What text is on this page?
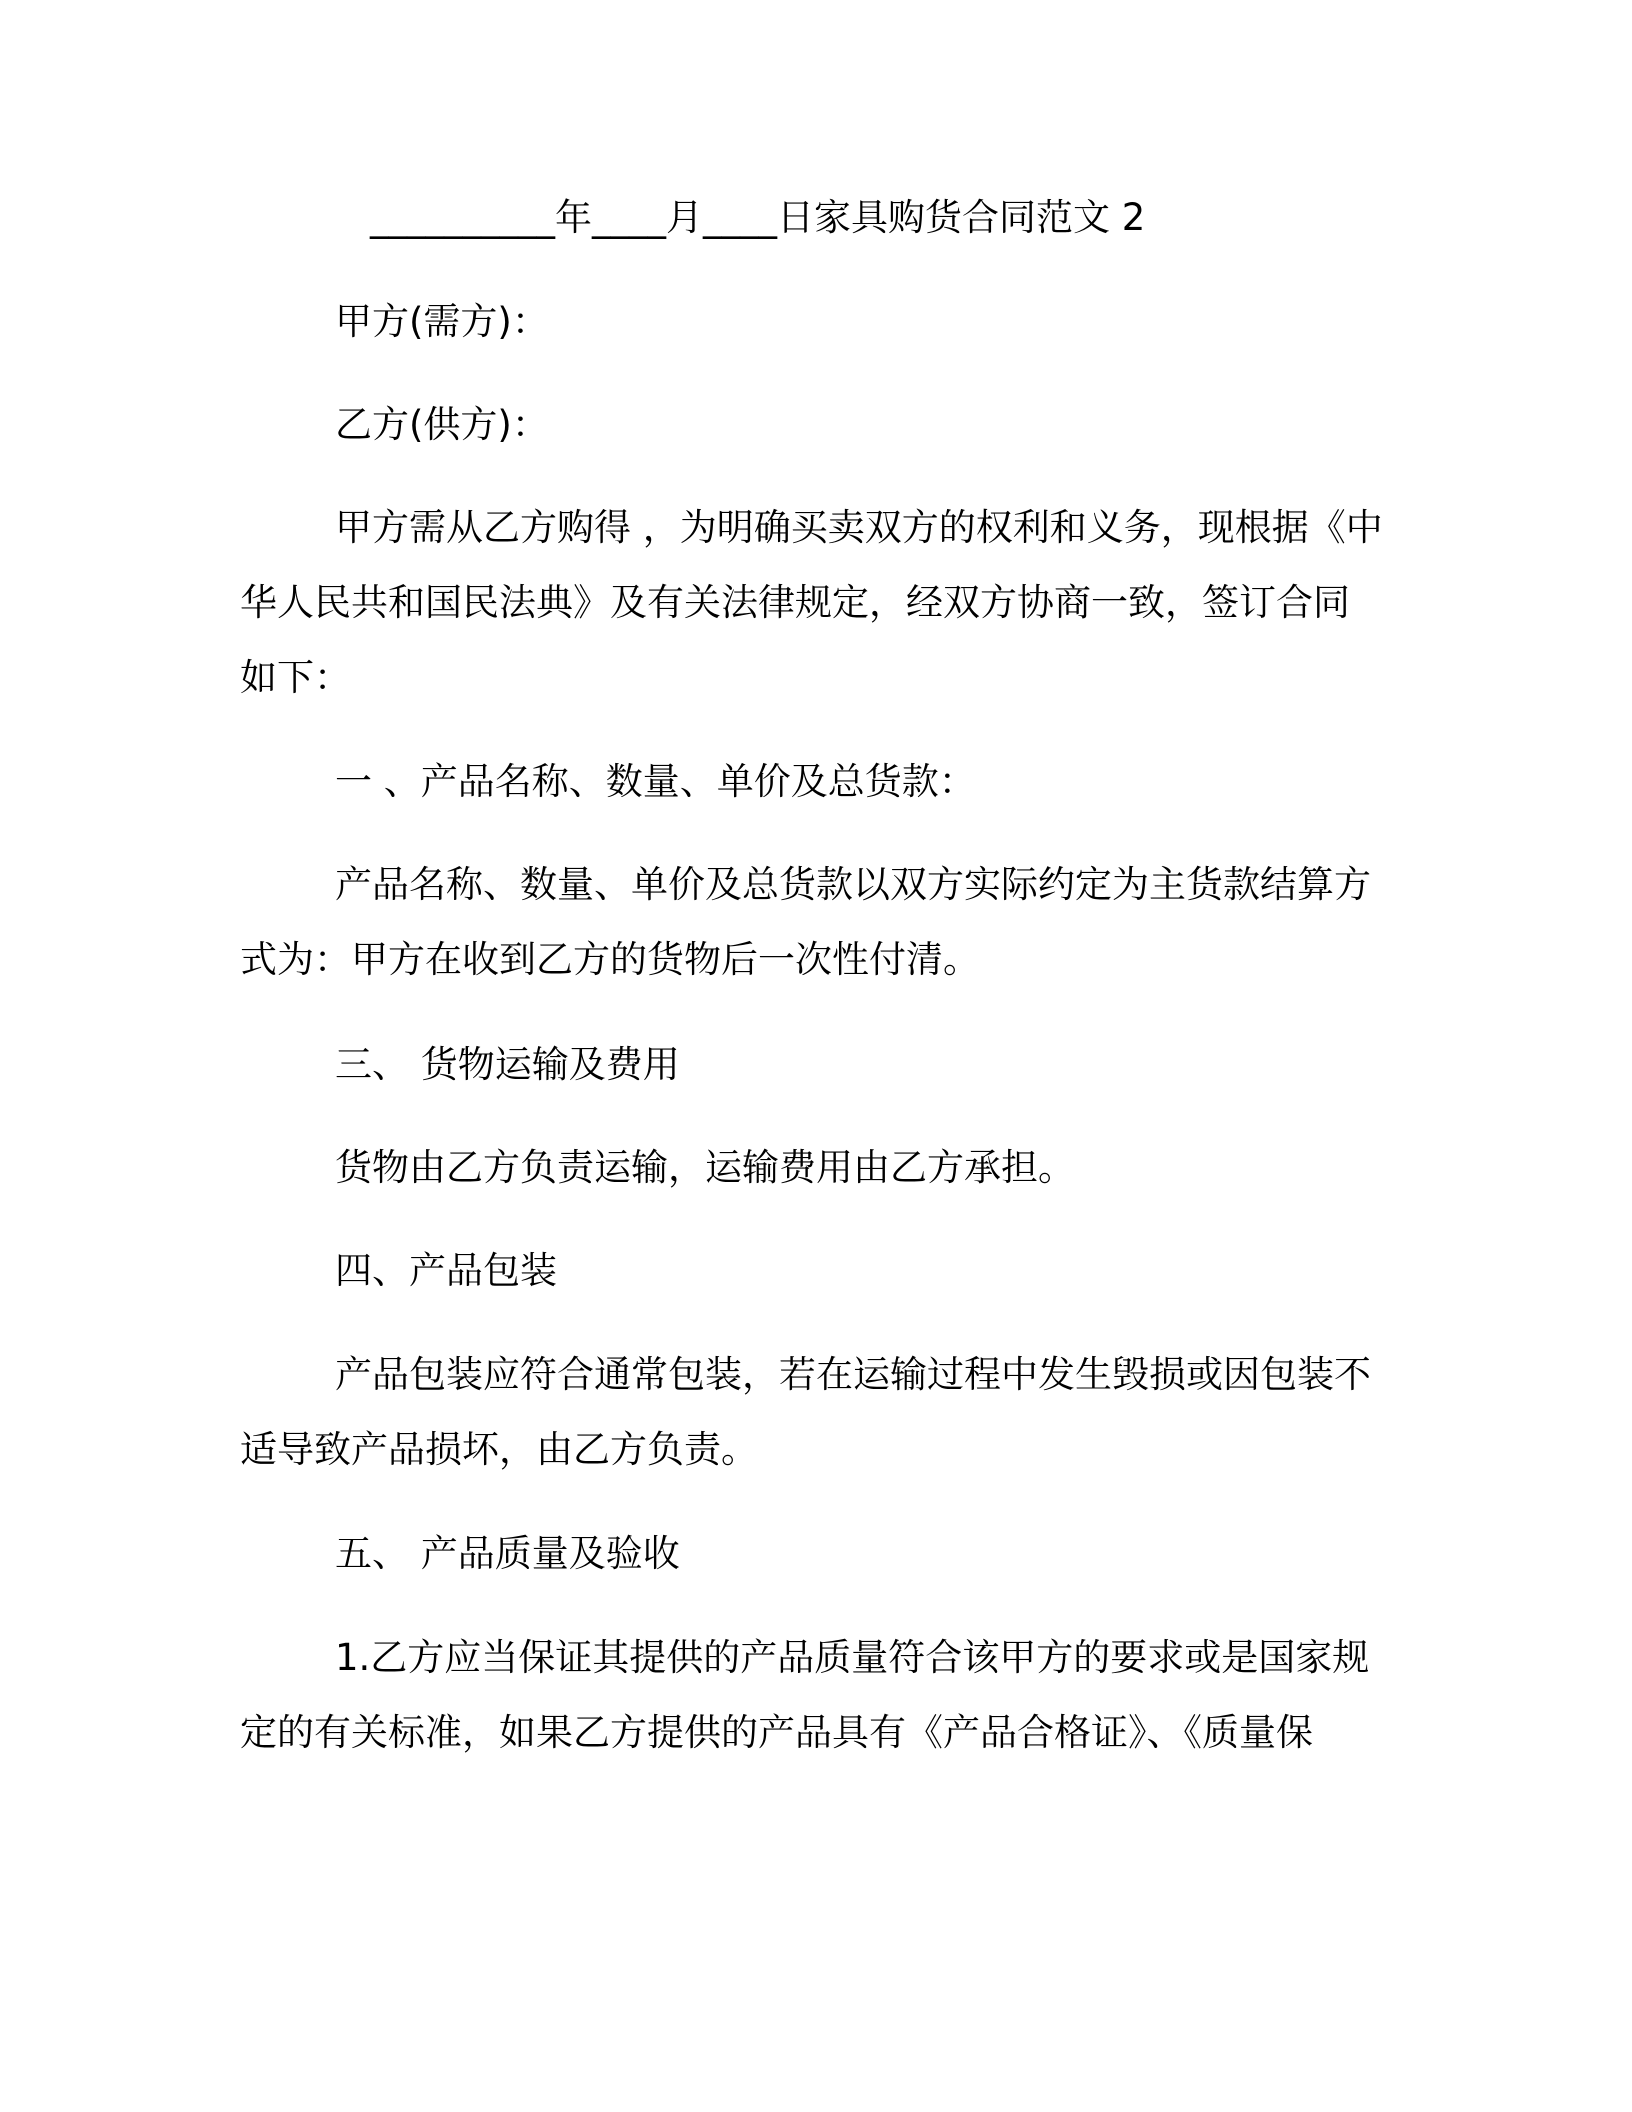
__________年____月____日家具购货合同范文 2
甲方(需方)：
乙方(供方)：
甲方需从乙方购得 ，为明确买卖双方的权利和义务，现根据《中
华人民共和国民法典》及有关法律规定，经双方协商一致，签订合同
如下：
一 、产品名称、数量、单价及总货款：
产品名称、数量、单价及总货款以双方实际约定为主货款结算方
式为：甲方在收到乙方的货物后一次性付清。
三、 货物运输及费用
货物由乙方负责运输，运输费用由乙方承担。
四、产品包装
产品包装应符合通常包装，若在运输过程中发生毁损或因包装不
适导致产品损坏，由乙方负责。
五、 产品质量及验收
1.乙方应当保证其提供的产品质量符合该甲方的要求或是国家规
定的有关标准，如果乙方提供的产品具有《产品合格证》、《质量保
